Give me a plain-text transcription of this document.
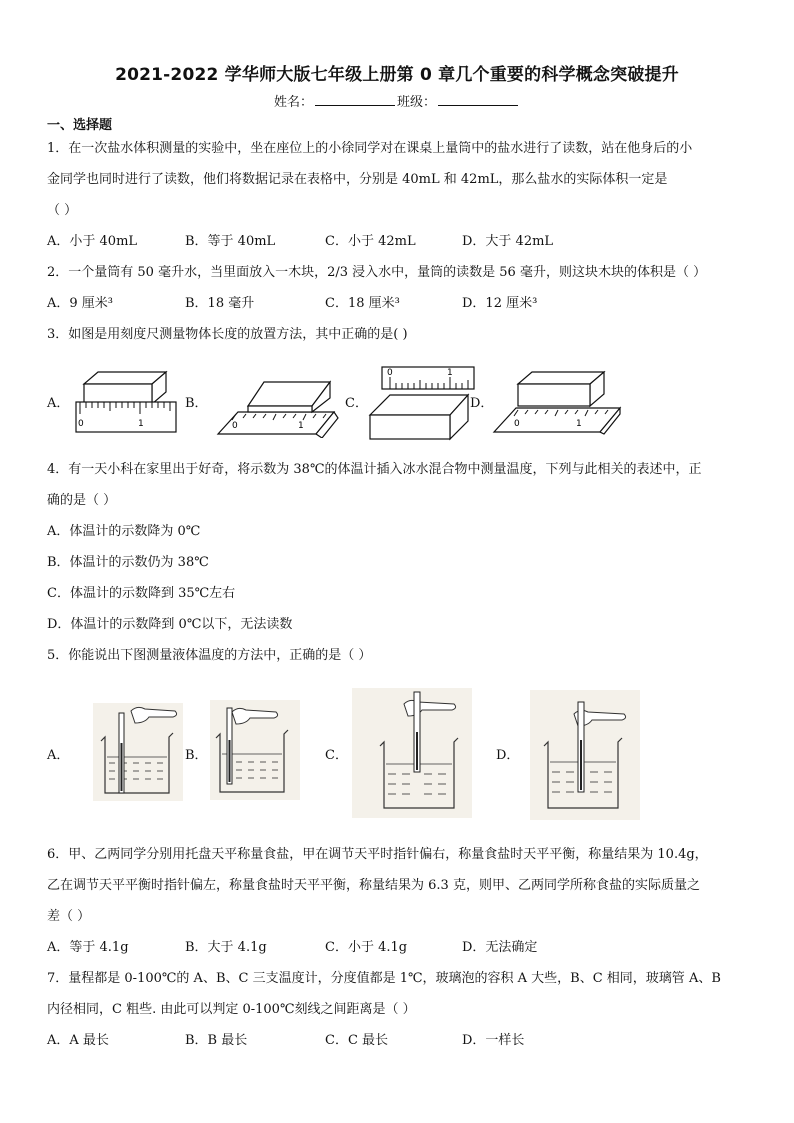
2021-2022 学华师大版七年级上册第 0 章几个重要的科学概念突破提升
姓名：	班级：
一、选择题
1．在一次盐水体积测量的实验中，坐在座位上的小徐同学对在课桌上量筒中的盐水进行了读数，站在他身后的小
金同学也同时进行了读数，他们将数据记录在表格中，分别是 40mL 和 42mL，那么盐水的实际体积一定是
（ ）
A．小于 40mL	B．等于 40mL	C．小于 42mL	D．大于 42mL
2．一个量筒有 50 毫升水，当里面放入一木块，2/3 浸入水中，量筒的读数是 56 毫升，则这块木块的体积是（ ）
A．9 厘米³	B．18 毫升	C．18 厘米³	D．12 厘米³
3．如图是用刻度尺测量物体长度的放置方法，其中正确的是( )
A．	B．	C．	D．
0	1	0	1
0	1
0	1
4．有一天小科在家里出于好奇，将示数为 38℃的体温计插入冰水混合物中测量温度，下列与此相关的表述中，正
确的是（ ）
A．体温计的示数降为 0℃
B．体温计的示数仍为 38℃
C．体温计的示数降到 35℃左右
D．体温计的示数降到 0℃以下，无法读数
5．你能说出下图测量液体温度的方法中，正确的是（ ）
A．	B．	C．	D．
6．甲、乙两同学分别用托盘天平称量食盐，甲在调节天平时指针偏右，称量食盐时天平平衡，称量结果为 10.4g，
乙在调节天平平衡时指针偏左，称量食盐时天平平衡，称量结果为 6.3 克，则甲、乙两同学所称食盐的实际质量之
差（ ）
A．等于 4.1g	B．大于 4.1g	C．小于 4.1g	D．无法确定
7．量程都是 0-100℃的 A、B、C 三支温度计，分度值都是 1℃，玻璃泡的容积 A 大些，B、C 相同，玻璃管 A、B
内径相同，C 粗些. 由此可以判定 0-100℃刻线之间距离是（ ）
A．A 最长	B．B 最长	C．C 最长	D．一样长
